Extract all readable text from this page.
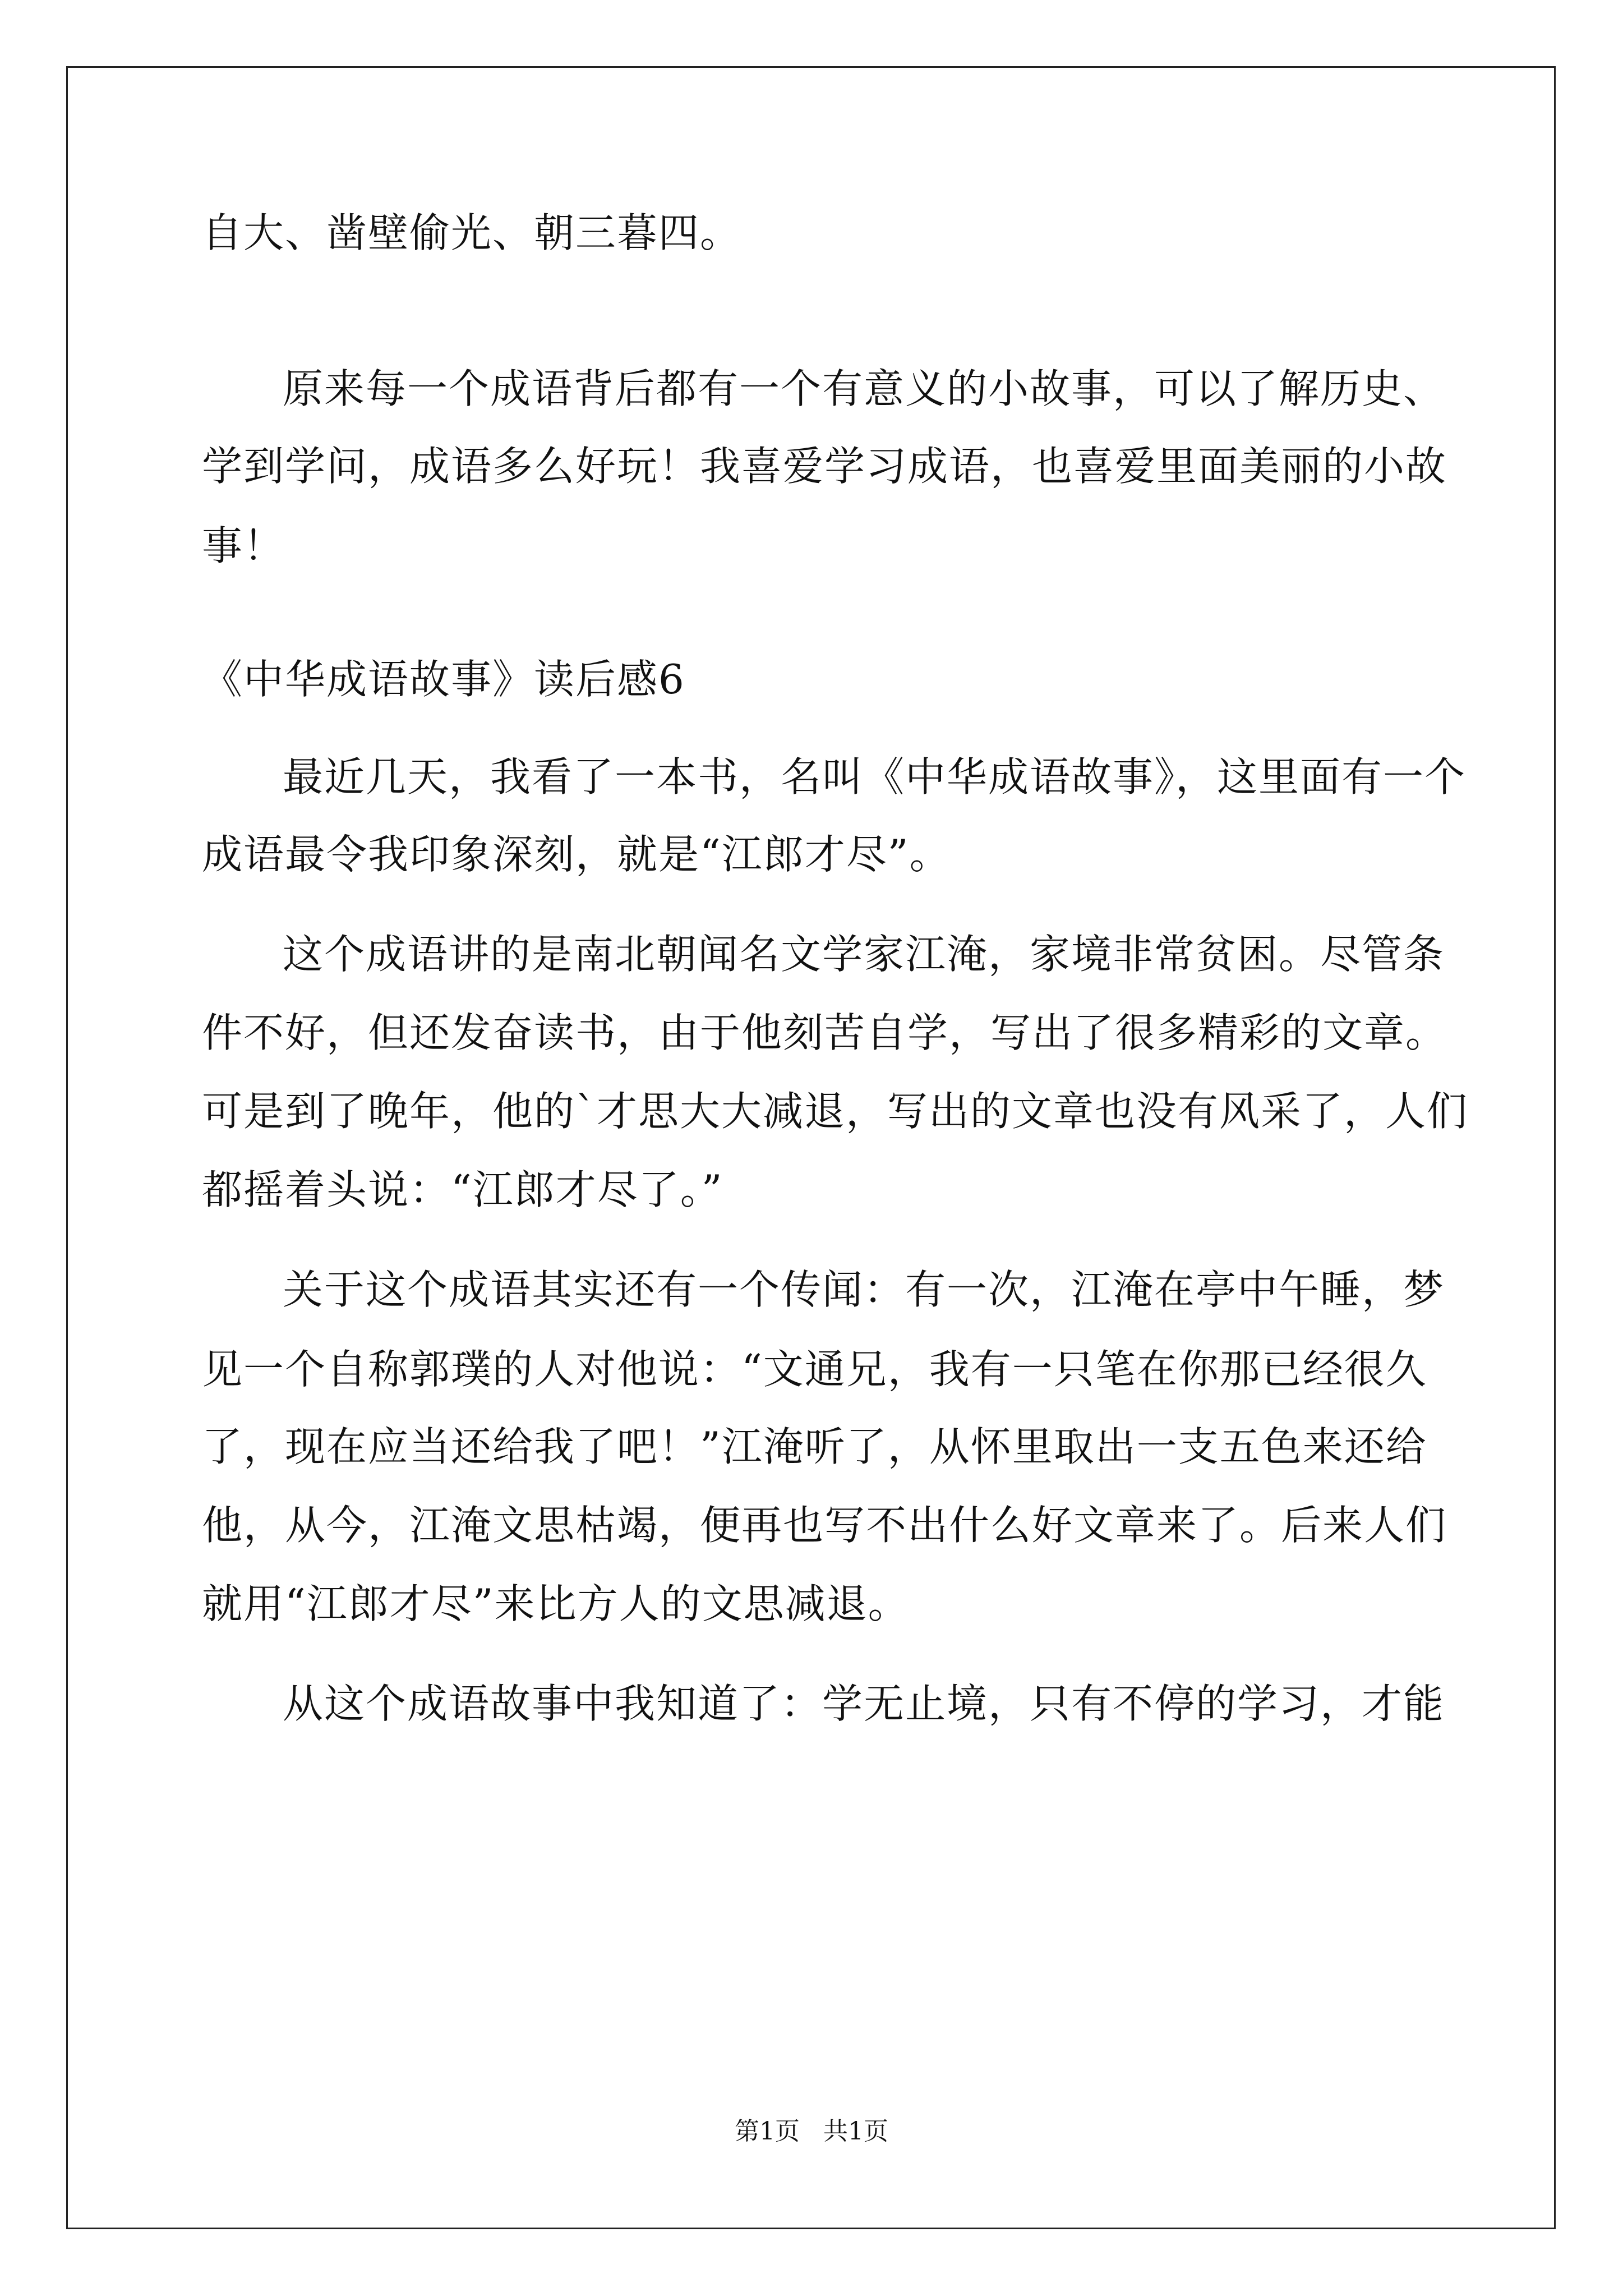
自大、凿壁偷光、朝三暮四。
原来每一个成语背后都有一个有意义的小故事，可以了解历史、
学到学问，成语多么好玩！我喜爱学习成语，也喜爱里面美丽的小故
事！
《中华成语故事》读后感6
最近几天，我看了一本书，名叫《中华成语故事》，这里面有一个
成语最令我印象深刻，就是“江郎才尽”。
这个成语讲的是南北朝闻名文学家江淹，家境非常贫困。尽管条
件不好，但还发奋读书，由于他刻苦自学，写出了很多精彩的文章。
可是到了晚年，他的`才思大大减退，写出的文章也没有风采了，人们
都摇着头说：“江郎才尽了。”
关于这个成语其实还有一个传闻：有一次，江淹在亭中午睡，梦
见一个自称郭璞的人对他说：“文通兄，我有一只笔在你那已经很久
了，现在应当还给我了吧！”江淹听了，从怀里取出一支五色来还给
他，从今，江淹文思枯竭，便再也写不出什么好文章来了。后来人们
就用“江郎才尽”来比方人的文思减退。
从这个成语故事中我知道了：学无止境，只有不停的学习，才能
第1页   共1页
